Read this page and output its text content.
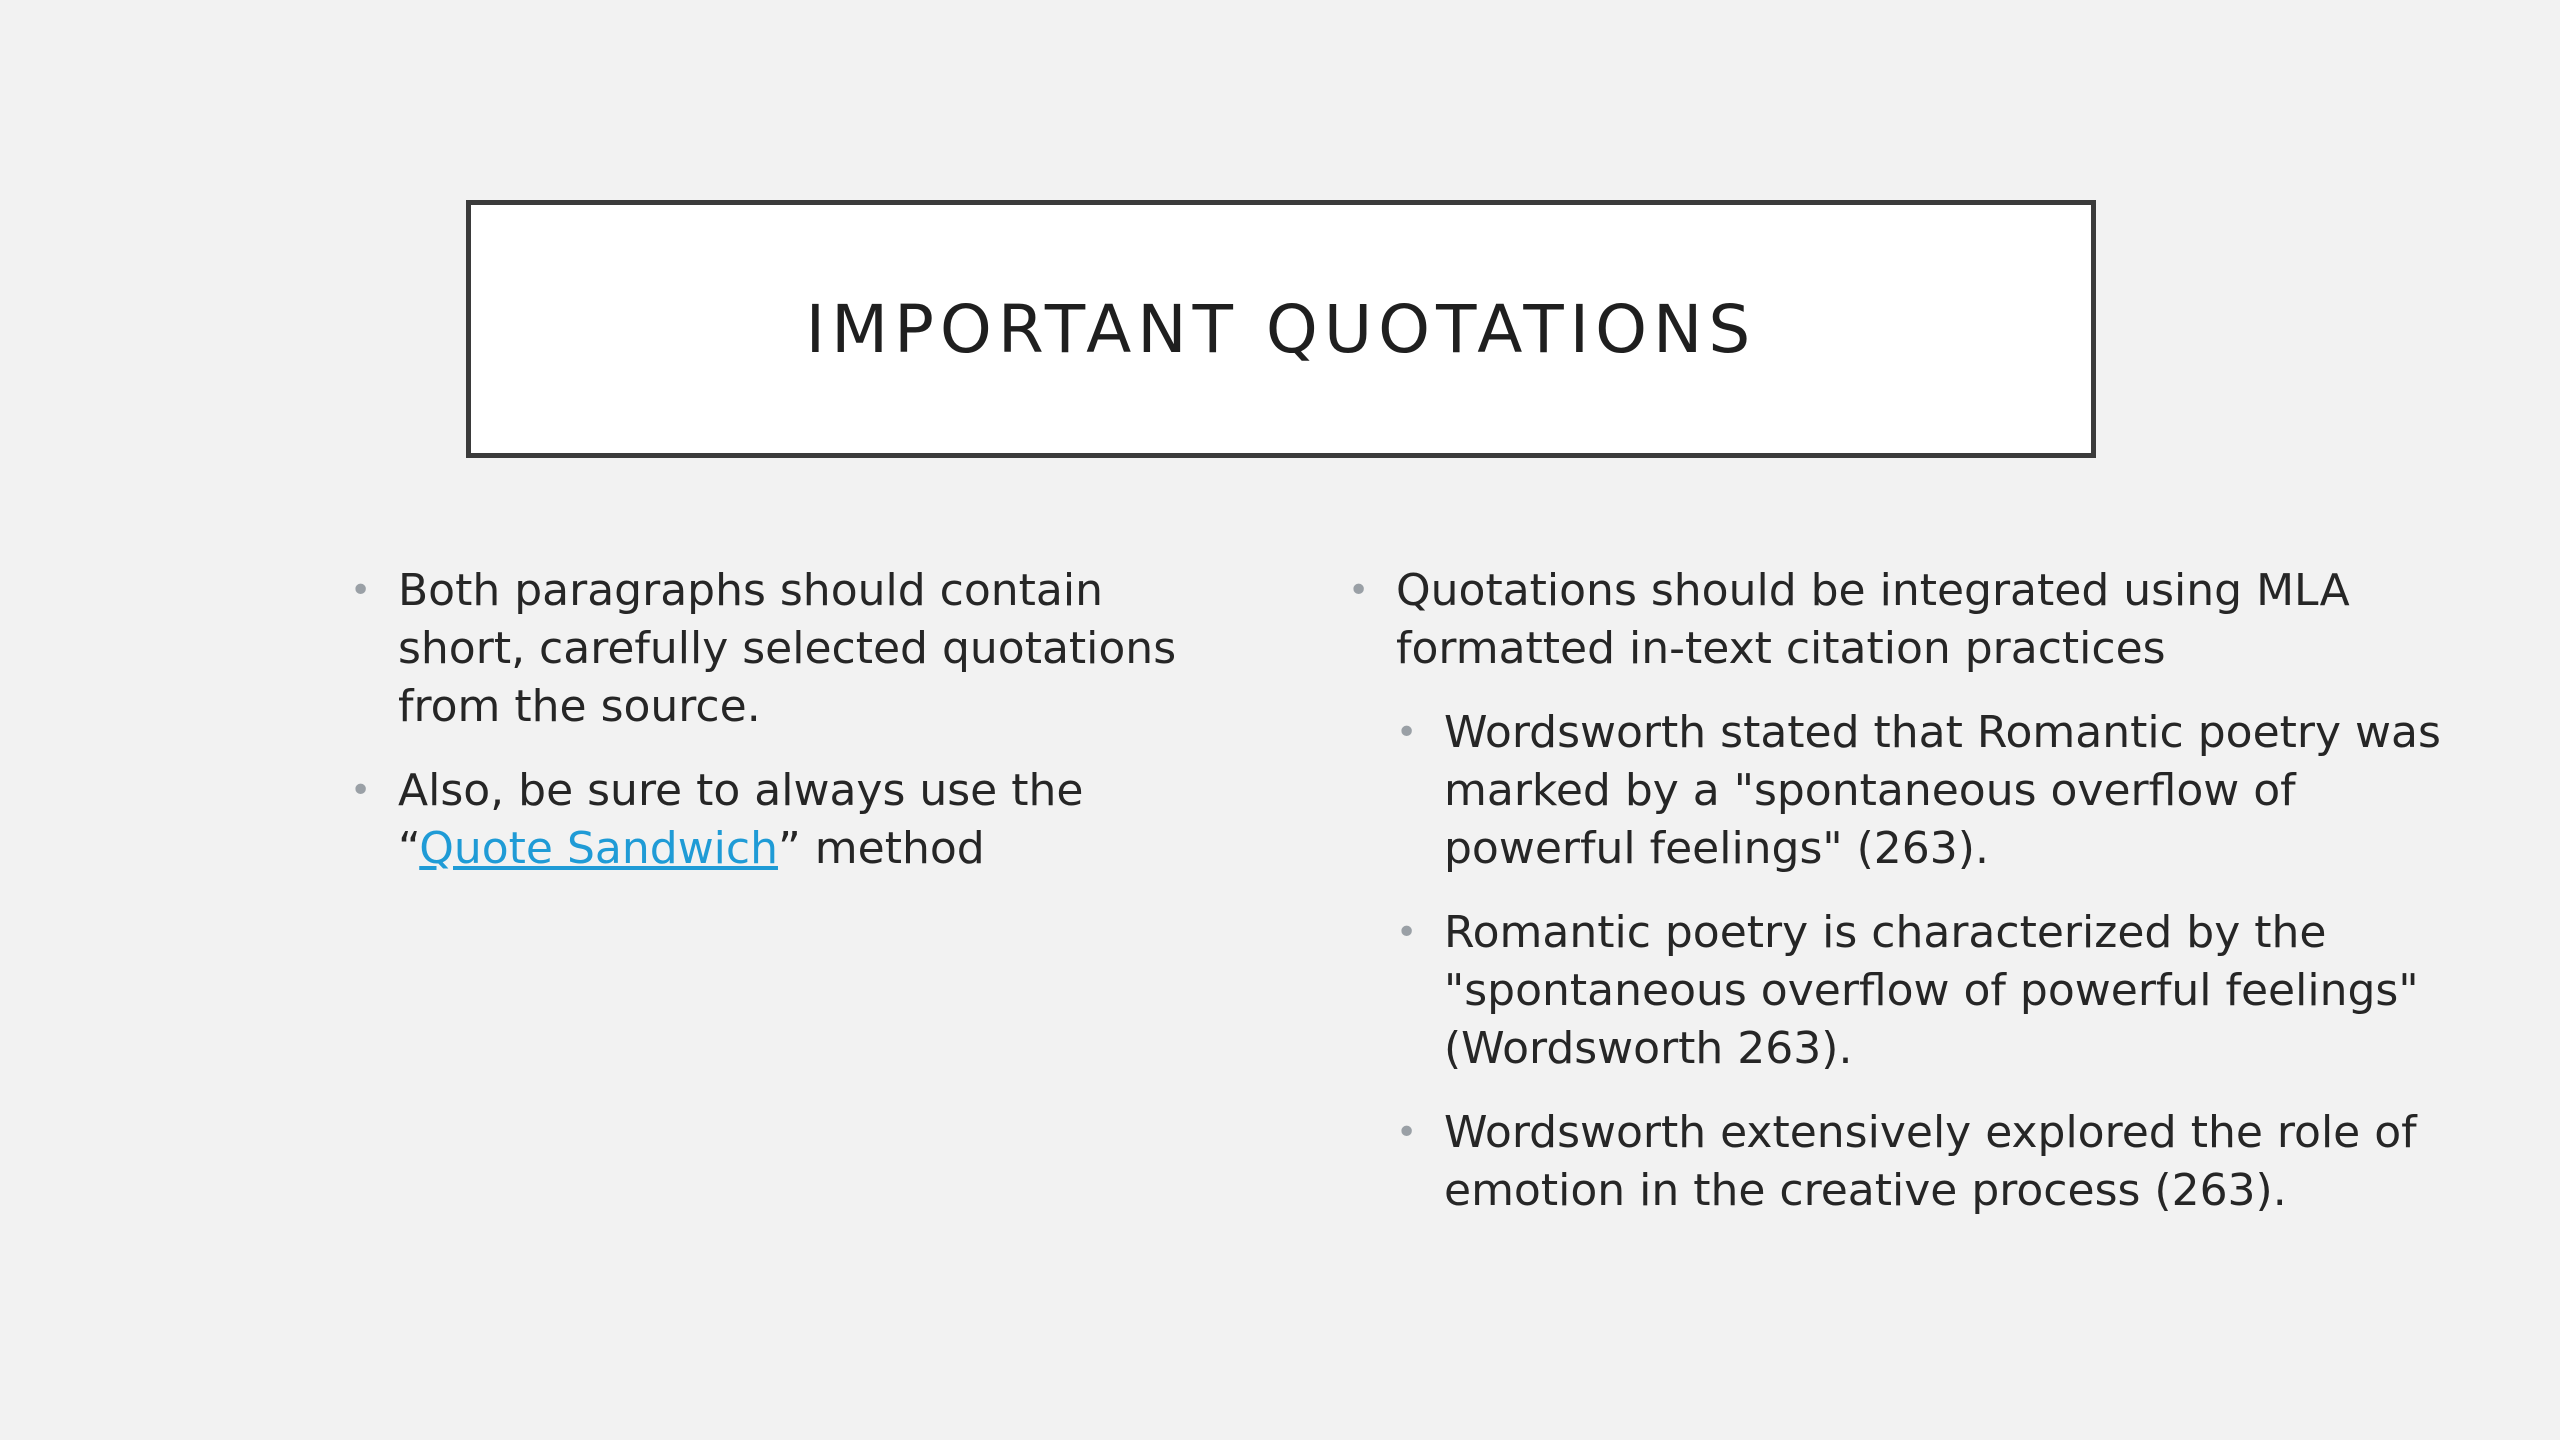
IMPORTANT QUOTATIONS
• Both paragraphs should contain short, carefully selected quotations from the source.
• Also, be sure to always use the “Quote Sandwich” method
• Quotations should be integrated using MLA formatted in-text citation practices
• Wordsworth stated that Romantic poetry was marked by a "spontaneous overflow of powerful feelings" (263).
• Romantic poetry is characterized by the "spontaneous overflow of powerful feelings" (Wordsworth 263).
• Wordsworth extensively explored the role of emotion in the creative process (263).
